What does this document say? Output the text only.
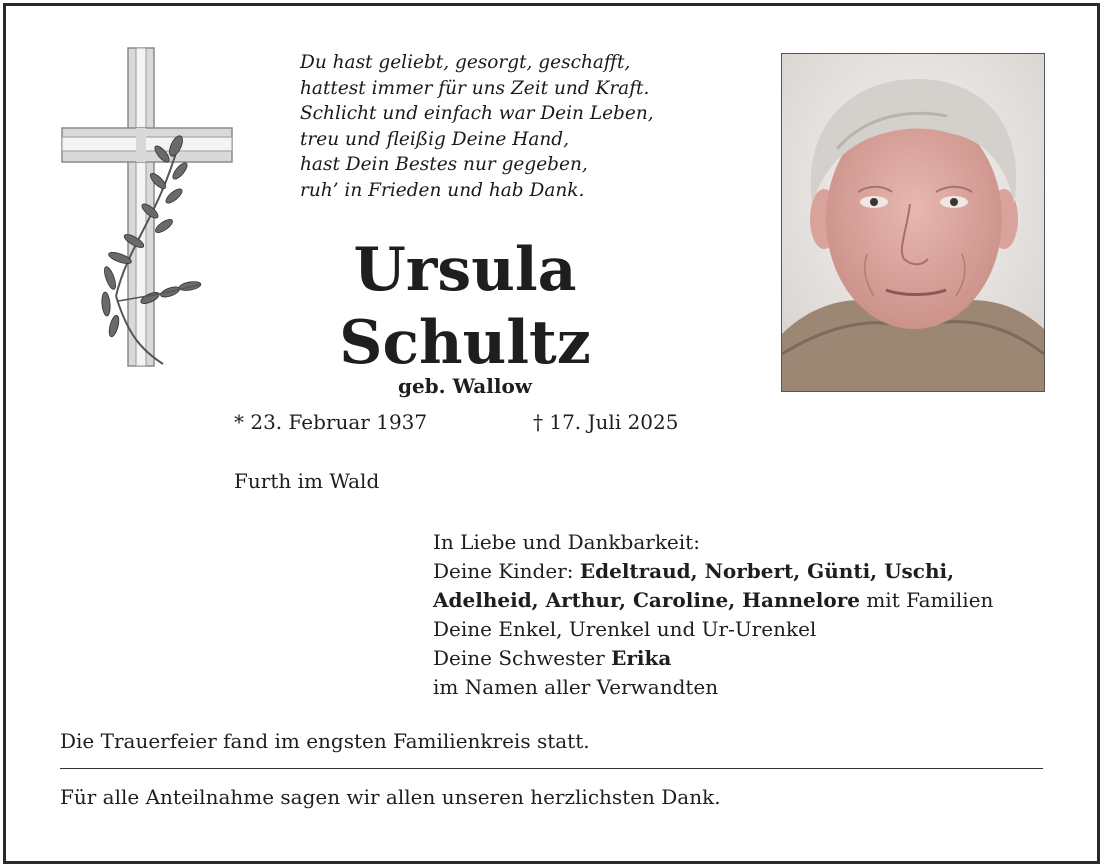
Du hast geliebt, gesorgt, geschafft,
hattest immer für uns Zeit und Kraft.
Schlicht und einfach war Dein Leben,
treu und fleißig Deine Hand,
hast Dein Bestes nur gegeben,
ruh’ in Frieden und hab Dank.
Ursula
Schultz
geb. Wallow
* 23. Februar 1937	† 17. Juli 2025
Furth im Wald
In Liebe und Dankbarkeit:
Deine Kinder: Edeltraud, Norbert, Günti, Uschi,
Adelheid, Arthur, Caroline, Hannelore mit Familien
Deine Enkel, Urenkel und Ur-Urenkel
Deine Schwester Erika
im Namen aller Verwandten
Die Trauerfeier fand im engsten Familienkreis statt.
Für alle Anteilnahme sagen wir allen unseren herzlichsten Dank.
